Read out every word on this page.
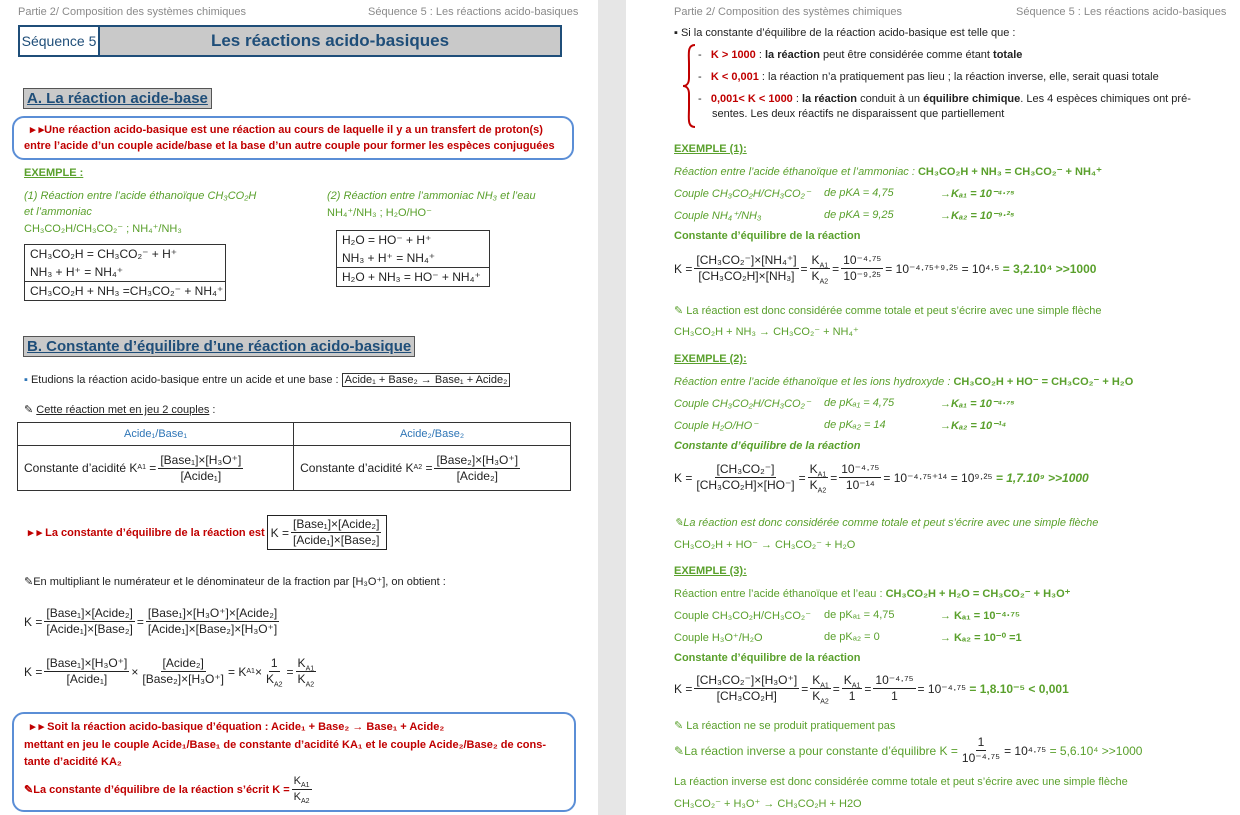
Partie 2/ Composition des systèmes chimiques	Séquence 5 : Les réactions acido-basiques
Séquence 5	Les réactions acido-basiques
A. La réaction acide-base
▸ ▸Une réaction acido-basique est une réaction au cours de laquelle il y a un transfert de proton(s)
entre l’acide d’un couple acide/base et la base d’un autre couple pour former les espèces conjuguées
EXEMPLE :
(1) Réaction entre l’acide éthanoïque CH₃CO₂H
et l’ammoniac
CH₃CO₂H/CH₃CO₂⁻ ; NH₄⁺/NH₃
(2) Réaction entre l’ammoniac NH₃ et l’eau
NH₄⁺/NH₃ ; H₂O/HO⁻
CH₃CO₂H = CH₃CO₂⁻ + H⁺
NH₃ + H⁺ = NH₄⁺
CH₃CO₂H + NH₃ =CH₃CO₂⁻ + NH₄⁺
H₂O = HO⁻ + H⁺
NH₃ + H⁺ = NH₄⁺
H₂O + NH₃ = HO⁻ + NH₄⁺
B. Constante d’équilibre d’une réaction acido-basique
▪ Etudions la réaction acido-basique entre un acide et une base : Acide₁ + Base₂ → Base₁ + Acide₂
✎ Cette réaction met en jeu 2 couples :
Acide₁/Base₁	Acide₂/Base₂

Constante d’acidité K $A1 = \frac{\text{[Base₁]×[H₃O⁺]}}{\text{[Acide₁]}}$	Constante d’acidité K $A2 = \frac{\text{[Base₂]×[H₃O⁺]}}{\text{[Acide₂]}}$
▸ ▸ La constante d’équilibre de la réaction est $K = \frac{\text{[Base₁]×[Acide₂]}}{\text{[Acide₁]×[Base₂]}}$
✎En multipliant le numérateur et le dénominateur de la fraction par [H₃O⁺], on obtient :
$K = \frac{\text{[Base₁]×[Acide₂]}}{\text{[Acide₁]×[Base₂]}} = \frac{\text{[Base₁]×[H₃O⁺]×[Acide₂]}}{\text{[Acide₁]×[Base₂]×[H₃O⁺]}}$
$K = \frac{\text{[Base₁]×[H₃O⁺]}}{\text{[Acide₁]}} \times \frac{\text{[Acide₂]}}{\text{[Base₂]×[H₃O⁺]}} = K$ $A1 \times \frac{1}{K_{A2}} = \frac{K_{A1}}{K_{A2}}$
▸ ▸ Soit la réaction acido-basique d’équation : Acide₁ + Base₂ → Base₁ + Acide₂
mettant en jeu le couple Acide₁/Base₁ de constante d’acidité KA₁ et le couple Acide₂/Base₂ de cons-
tante d’acidité KA₂
✎ La constante d’équilibre de la réaction s’écrit $K = \frac{K_{A1}}{K_{A2}}$
Partie 2/ Composition des systèmes chimiques	Séquence 5 : Les réactions acido-basiques
▪ Si la constante d’équilibre de la réaction acido-basique est telle que :
-   K > 1000 : la réaction peut être considérée comme étant totale
-   K < 0,001 : la réaction n’a pratiquement pas lieu ; la réaction inverse, elle, serait quasi totale
-   0,001< K < 1000 : la réaction conduit à un équilibre chimique. Les 4 espèces chimiques ont pré-
sentes. Les deux réactifs ne disparaissent que partiellement
EXEMPLE (1):
Réaction entre l’acide éthanoïque et l’ammoniac : CH₃CO₂H + NH₃ = CH₃CO₂⁻ + NH₄⁺
Couple CH₃CO₂H/CH₃CO₂⁻ de pKA = 4,75	→Kₐ₁ = 10⁻⁴·⁷⁵
Couple NH₄⁺/NH₃	de pKA = 9,25	→Kₐ₂ = 10⁻⁹·²⁵
Constante d’équilibre de la réaction
$K = \frac{\text{[CH₃CO₂⁻]×[NH₄⁺]}}{\text{[CH₃CO₂H]×[NH₃]}} = \frac{K_{A1}}{K_{A2}} = \frac{\text{10⁻⁴·⁷⁵}}{\text{10⁻⁹·²⁵}} = 10^{-4}\cdot^{75+9}\cdot^{25}$
= 10⁴·⁵
= 3,2.10⁴ >>1000
✎ La réaction est donc considérée comme totale et peut s’écrire avec une simple flèche
CH₃CO₂H + NH₃ → CH₃CO₂⁻ + NH₄⁺
EXEMPLE (2):
Réaction entre l’acide éthanoïque et les ions hydroxyde : CH₃CO₂H + HO⁻ = CH₃CO₂⁻ + H₂O
Couple CH₃CO₂H/CH₃CO₂⁻ de pKₐ₁ = 4,75	→Kₐ₁ = 10⁻⁴·⁷⁵
Couple H₂O/HO⁻	de pKₐ₂ = 14	→Kₐ₂ = 10⁻¹⁴
Constante d’équilibre de la réaction
$K = \frac{\text{[CH₃CO₂⁻]}}{\text{[CH₃CO₂H]×[HO⁻]}} = \frac{K_{A1}}{K_{A2}} = \frac{\text{10⁻⁴·⁷⁵}}{\text{10⁻¹⁴}} = 10^{-4}\cdot^{75+14}$
= 10⁹·²⁵
= 1,7.10⁹ >>1000
✎La réaction est donc considérée comme totale et peut s’écrire avec une simple flèche
CH₃CO₂H + HO⁻ → CH₃CO₂⁻ + H₂O
EXEMPLE (3):
Réaction entre l’acide éthanoïque et l’eau : CH₃CO₂H + H₂O = CH₃CO₂⁻ + H₃O⁺
Couple CH₃CO₂H/CH₃CO₂⁻ de pKₐ₁ = 4,75	→ Kₐ₁ = 10⁻⁴·⁷⁵
Couple H₃O⁺/H₂O	de pKₐ₂ = 0	→ Kₐ₂ = 10⁻⁰ =1
Constante d’équilibre de la réaction
$K = \frac{\text{[CH₃CO₂⁻]×[H₃O⁺]}}{\text{[CH₃CO₂H]}} = \frac{K_{A1}}{K_{A2}} = \frac{K_{A1}}{1} = \frac{\text{10⁻⁴·⁷⁵}}{1} = 10^{-4}\cdot^{75}$
= 1,8.10⁻⁵ < 0,001
✎ La réaction ne se produit pratiquement pas
✎ La réaction inverse a pour constante d’équilibre $K = \frac{1}{\text{10⁻⁴·⁷⁵}} = 10^4\cdot^{75}$
= 5,6.10⁴ >>1000
La réaction inverse est donc considérée comme totale et peut s’écrire avec une simple flèche
CH₃CO₂⁻ + H₃O⁺ → CH₃CO₂H + H2O
